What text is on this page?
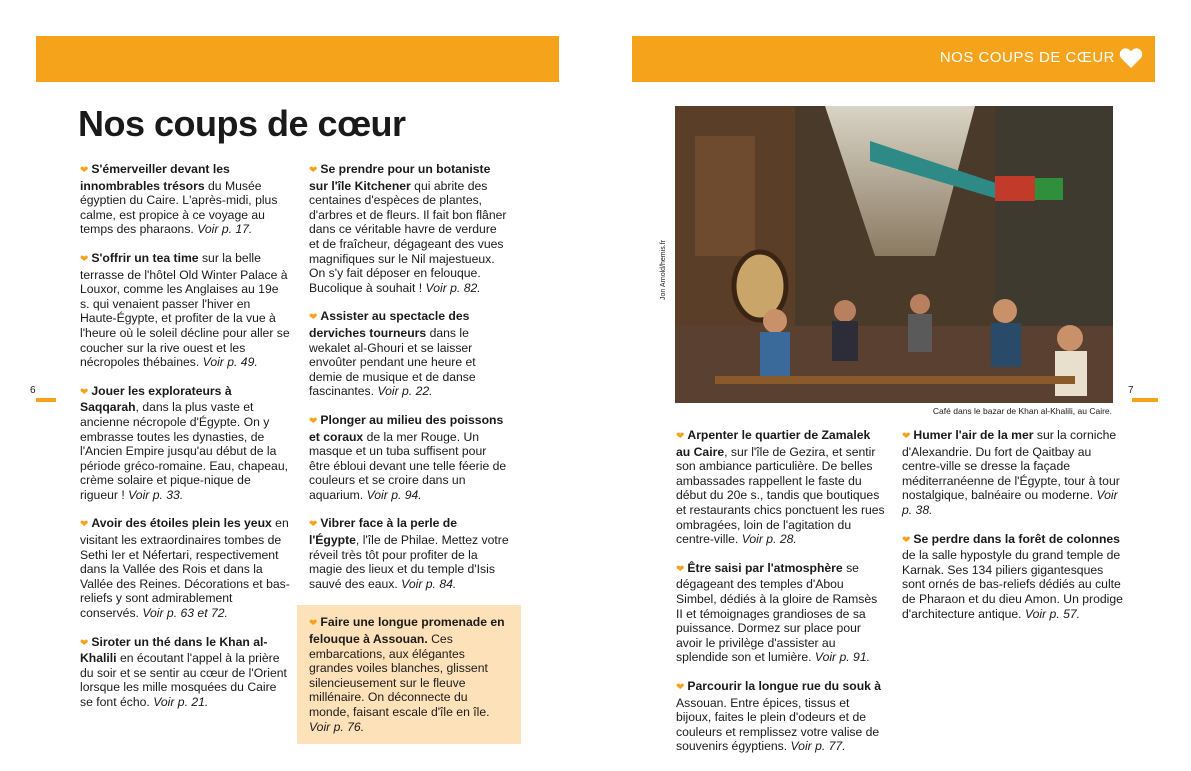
NOS COUPS DE CŒUR
Nos coups de cœur
6	7
Jon Arnold/hemis.fr
Café dans le bazar de Khan al-Khalili, au Caire.

❤ S'émerveiller devant les innombrables trésors du Musée égyptien du Caire. L'après-midi, plus calme, est propice à ce voyage au temps des pharaons. Voir p. 17.

❤ S'offrir un tea time sur la belle terrasse de l'hôtel Old Winter Palace à Louxor, comme les Anglaises au 19e s. qui venaient passer l'hiver en Haute-Égypte, et profiter de la vue à l'heure où le soleil décline pour aller se coucher sur la rive ouest et les nécropoles thébaines. Voir p. 49.

❤ Jouer les explorateurs à Saqqarah, dans la plus vaste et ancienne nécropole d'Égypte. On y embrasse toutes les dynasties, de l'Ancien Empire jusqu'au début de la période gréco-romaine. Eau, chapeau, crème solaire et pique-nique de rigueur ! Voir p. 33.

❤ Avoir des étoiles plein les yeux en visitant les extraordinaires tombes de Sethi Ier et Néfertari, respectivement dans la Vallée des Rois et dans la Vallée des Reines. Décorations et bas-reliefs y sont admirablement conservés. Voir p. 63 et 72.

❤ Siroter un thé dans le Khan al-Khalili en écoutant l'appel à la prière du soir et se sentir au cœur de l'Orient lorsque les mille mosquées du Caire se font écho. Voir p. 21.

❤ Se prendre pour un botaniste sur l'île Kitchener qui abrite des centaines d'espèces de plantes, d'arbres et de fleurs. Il fait bon flâner dans ce véritable havre de verdure et de fraîcheur, dégageant des vues magnifiques sur le Nil majestueux. On s'y fait déposer en felouque. Bucolique à souhait ! Voir p. 82.

❤ Assister au spectacle des derviches tourneurs dans le wekalet al-Ghouri et se laisser envoûter pendant une heure et demie de musique et de danse fascinantes. Voir p. 22.

❤ Plonger au milieu des poissons et coraux de la mer Rouge. Un masque et un tuba suffisent pour être ébloui devant une telle féerie de couleurs et se croire dans un aquarium. Voir p. 94.

❤ Vibrer face à la perle de l'Égypte, l'île de Philae. Mettez votre réveil très tôt pour profiter de la magie des lieux et du temple d'Isis sauvé des eaux. Voir p. 84.

❤ Faire une longue promenade en felouque à Assouan. Ces embarcations, aux élégantes grandes voiles blanches, glissent silencieusement sur le fleuve millénaire. On déconnecte du monde, faisant escale d'île en île. Voir p. 76.

❤ Arpenter le quartier de Zamalek au Caire, sur l'île de Gezira, et sentir son ambiance particulière. De belles ambassades rappellent le faste du début du 20e s., tandis que boutiques et restaurants chics ponctuent les rues ombragées, loin de l'agitation du centre-ville. Voir p. 28.

❤ Être saisi par l'atmosphère se dégageant des temples d'Abou Simbel, dédiés à la gloire de Ramsès II et témoignages grandioses de sa puissance. Dormez sur place pour avoir le privilège d'assister au splendide son et lumière. Voir p. 91.

❤ Parcourir la longue rue du souk à Assouan. Entre épices, tissus et bijoux, faites le plein d'odeurs et de couleurs et remplissez votre valise de souvenirs égyptiens. Voir p. 77.

❤ Humer l'air de la mer sur la corniche d'Alexandrie. Du fort de Qaitbay au centre-ville se dresse la façade méditerranéenne de l'Égypte, tour à tour nostalgique, balnéaire ou moderne. Voir p. 38.

❤ Se perdre dans la forêt de colonnes de la salle hypostyle du grand temple de Karnak. Ses 134 piliers gigantesques sont ornés de bas-reliefs dédiés au culte de Pharaon et du dieu Amon. Un prodige d'architecture antique. Voir p. 57.
